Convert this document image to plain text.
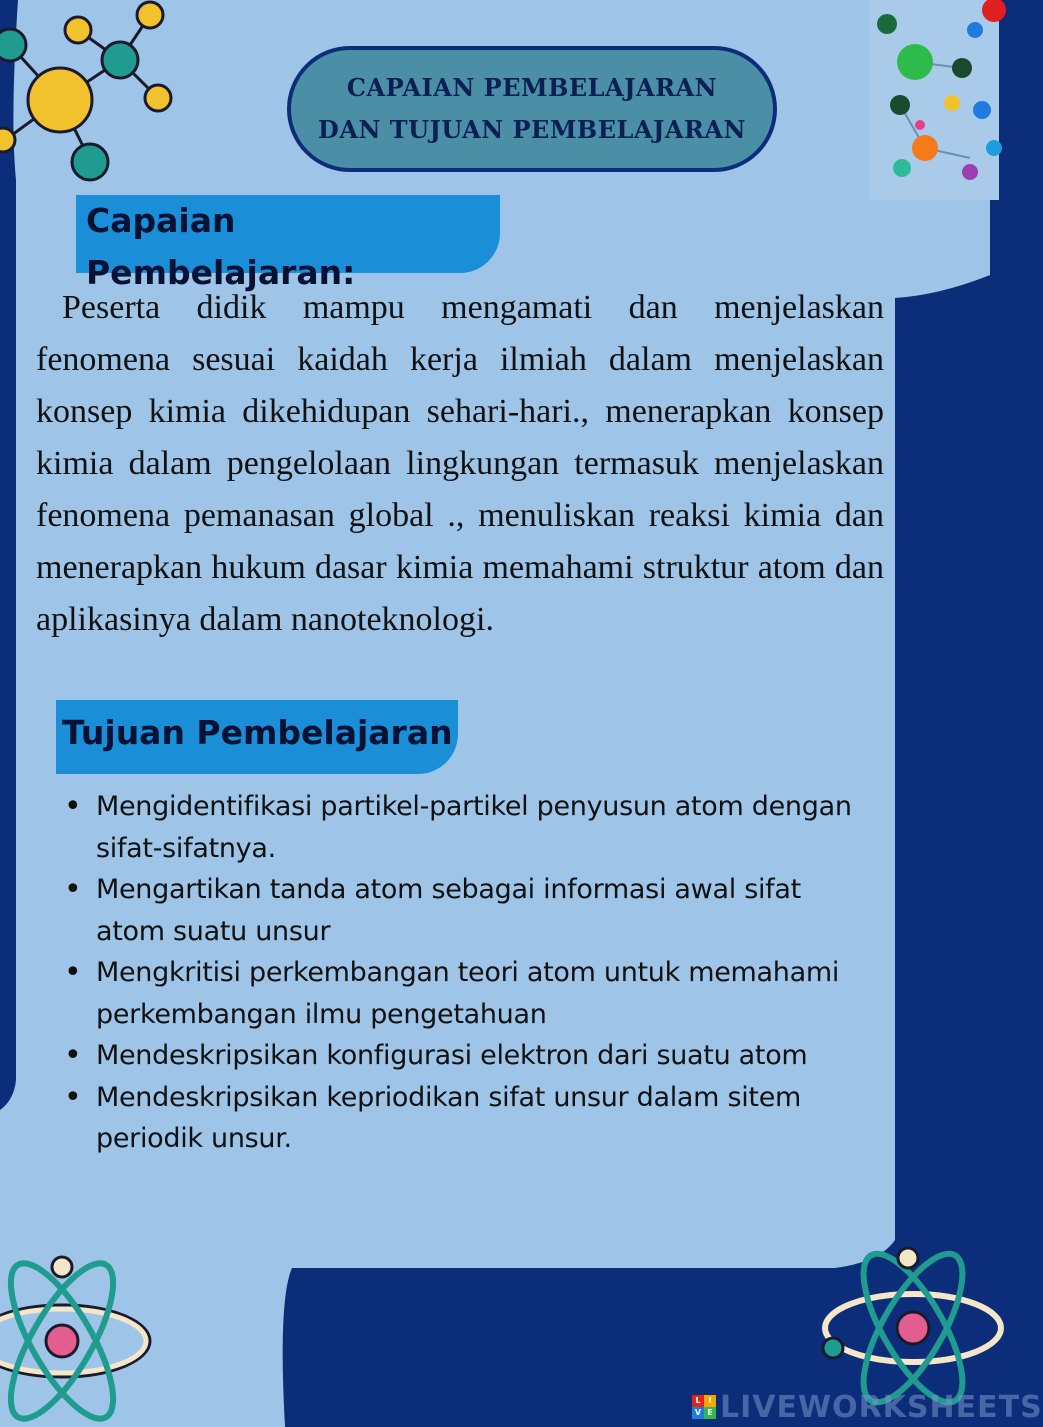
CAPAIAN PEMBELAJARAN
DAN TUJUAN PEMBELAJARAN
Capaian Pembelajaran:

Peserta didik mampu mengamati dan menjelaskan fenomena sesuai kaidah kerja ilmiah dalam menjelaskan konsep kimia dikehidupan sehari-hari., menerapkan konsep kimia dalam pengelolaan lingkungan termasuk menjelaskan fenomena pemanasan global ., menuliskan reaksi kimia dan menerapkan hukum dasar kimia memahami struktur atom dan aplikasinya dalam nanoteknologi.

Tujuan Pembelajaran
• Mengidentifikasi partikel-partikel penyusun atom dengan sifat-sifatnya.
• Mengartikan tanda atom sebagai informasi awal sifat atom suatu unsur
• Mengkritisi perkembangan teori atom untuk memahami perkembangan ilmu pengetahuan
• Mendeskripsikan konfigurasi elektron dari suatu atom
• Mendeskripsikan kepriodikan sifat unsur dalam sitem periodik unsur.
L I
V E LIVEWORKSHEETS
